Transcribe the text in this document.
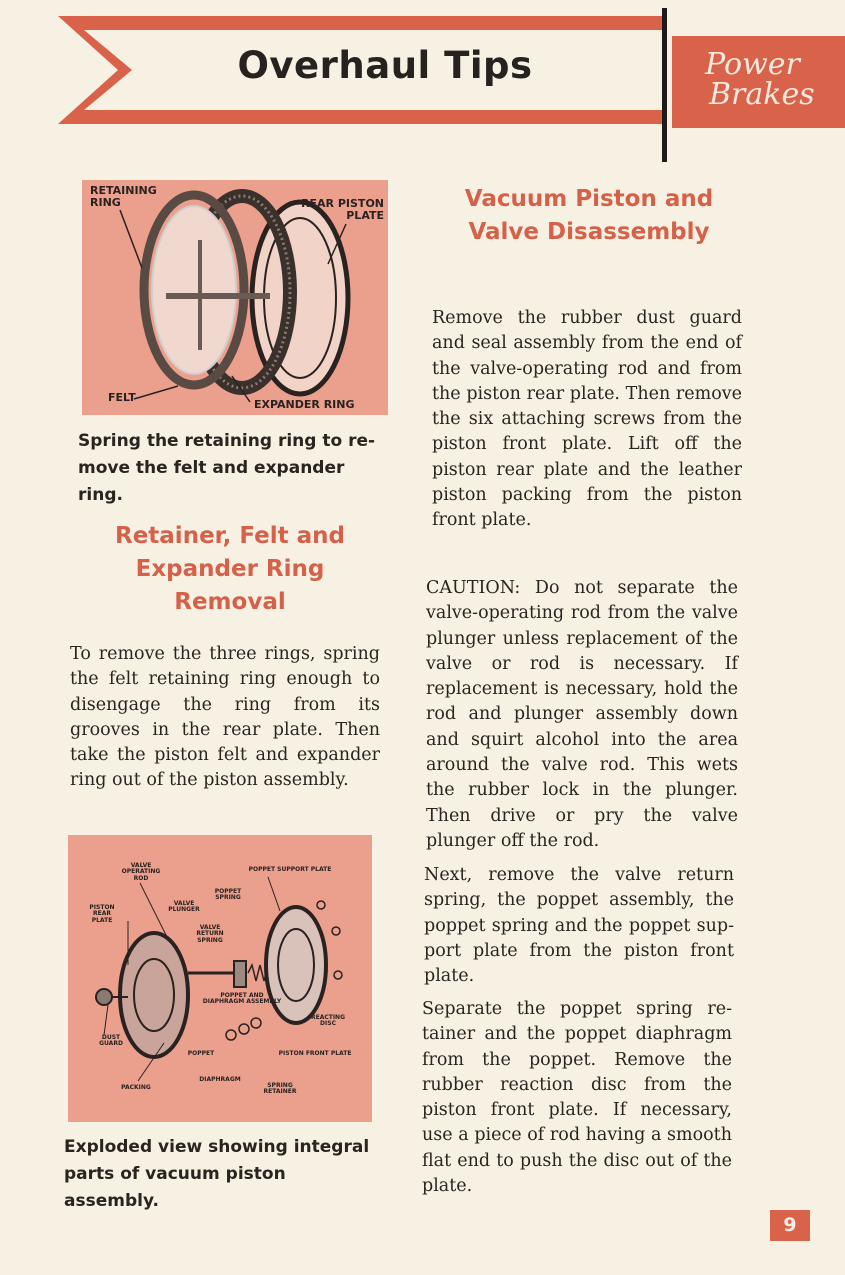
Overhaul Tips	Power
Brakes
RETAINING RING	REAR PISTON PLATE
FELT
EXPANDER RING
Spring the retaining ring to re- move the felt and expander ring.
Retainer, Felt and Expander Ring Removal
To remove the three rings, spring the felt retaining ring enough to disengage the ring from its grooves in the rear plate. Then take the piston felt and expander ring out of the piston assembly.
VALVE OPERATING ROD
POPPET SUPPORT PLATE
PISTON REAR PLATE
VALVE PLUNGER
POPPET SPRING
VALVE RETURN SPRING
POPPET AND DIAPHRAGM ASSEMBLY
REACTING DISC
DUST GUARD
POPPET	PISTON FRONT PLATE
DIAPHRAGM
PACKING	SPRING RETAINER
Exploded view showing integral parts of vacuum piston assembly.
Vacuum Piston and Valve Disassembly
Remove the rubber dust guard and seal assembly from the end of the valve-operating rod and from the piston rear plate. Then remove the six attaching screws from the piston front plate. Lift off the piston rear plate and the leather piston packing from the piston front plate.
CAUTION: Do not separate the valve-operating rod from the valve plunger unless replacement of the valve or rod is necessary. If replacement is necessary, hold the rod and plunger assembly down and squirt alcohol into the area around the valve rod. This wets the rubber lock in the plunger. Then drive or pry the valve plunger off the rod.
Next, remove the valve return spring, the poppet assembly, the poppet spring and the poppet sup- port plate from the piston front plate.
Separate the poppet spring re- tainer and the poppet diaphragm from the poppet. Remove the rubber reaction disc from the piston front plate. If necessary, use a piece of rod having a smooth flat end to push the disc out of the plate.
9
